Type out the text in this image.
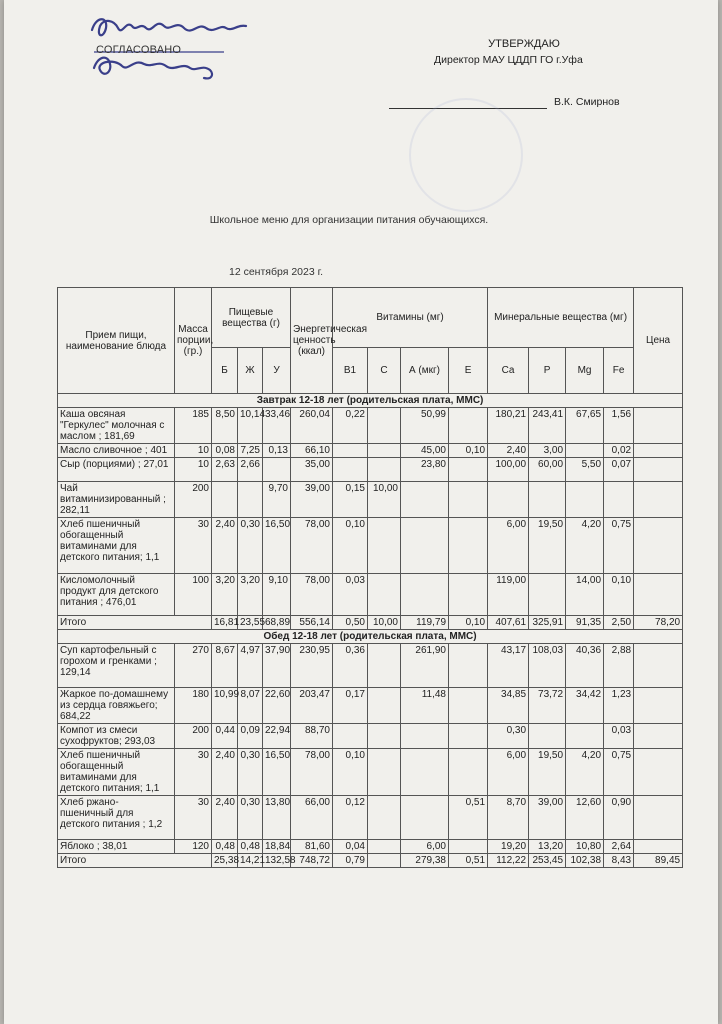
СОГЛАСОВАНО	УТВЕРЖДАЮ
Директор МАУ ЦДДП ГО г.Уфа
В.К. Смирнов
Школьное меню для организации питания обучающихся.
12 сентября 2023 г.
Прием пищи, наименование блюда	Масса порции, (гр.)	Пищевые вещества (г)			Энергетическая ценность (ккал)	Витамины (мг)				Минеральные вещества (мг)				Цена
		Б	Ж	У		В1	С	А (мкг)	Е	Са	Р	Mg	Fe	
Завтрак 12-18 лет (родительская плата, ММС)														
Каша овсяная "Геркулес" молочная с маслом ; 181,69	185	8,50	10,14	33,46	260,04	0,22		50,99		180,21	243,41	67,65	1,56	
Масло сливочное ; 401	10	0,08	7,25	0,13	66,10			45,00	0,10	2,40	3,00		0,02	
Сыр (порциями) ; 27,01	10	2,63	2,66		35,00			23,80		100,00	60,00	5,50	0,07	
Чай витаминизированный ; 282,11	200			9,70	39,00	0,15	10,00							
Хлеб пшеничный обогащенный витаминами для детского питания; 1,1	30	2,40	0,30	16,50	78,00	0,10				6,00	19,50	4,20	0,75	
Кисломолочный продукт для детского питания ; 476,01	100	3,20	3,20	9,10	78,00	0,03				119,00		14,00	0,10	
Итого		16,81	23,55	68,89	556,14	0,50	10,00	119,79	0,10	407,61	325,91	91,35	2,50	78,20
Обед 12-18 лет (родительская плата, ММС)														
Суп картофельный с горохом и гренками ; 129,14	270	8,67	4,97	37,90	230,95	0,36		261,90		43,17	108,03	40,36	2,88	
Жаркое по-домашнему из сердца говяжьего; 684,22	180	10,99	8,07	22,60	203,47	0,17		11,48		34,85	73,72	34,42	1,23	
Компот из смеси сухофруктов; 293,03	200	0,44	0,09	22,94	88,70					0,30			0,03	
Хлеб пшеничный обогащенный витаминами для детского питания; 1,1	30	2,40	0,30	16,50	78,00	0,10				6,00	19,50	4,20	0,75	
Хлеб ржано-пшеничный для детского питания ; 1,2	30	2,40	0,30	13,80	66,00	0,12			0,51	8,70	39,00	12,60	0,90	
Яблоко ; 38,01	120	0,48	0,48	18,84	81,60	0,04		6,00		19,20	13,20	10,80	2,64	
Итого		25,38	14,21	132,58	748,72	0,79		279,38	0,51	112,22	253,45	102,38	8,43	89,45
